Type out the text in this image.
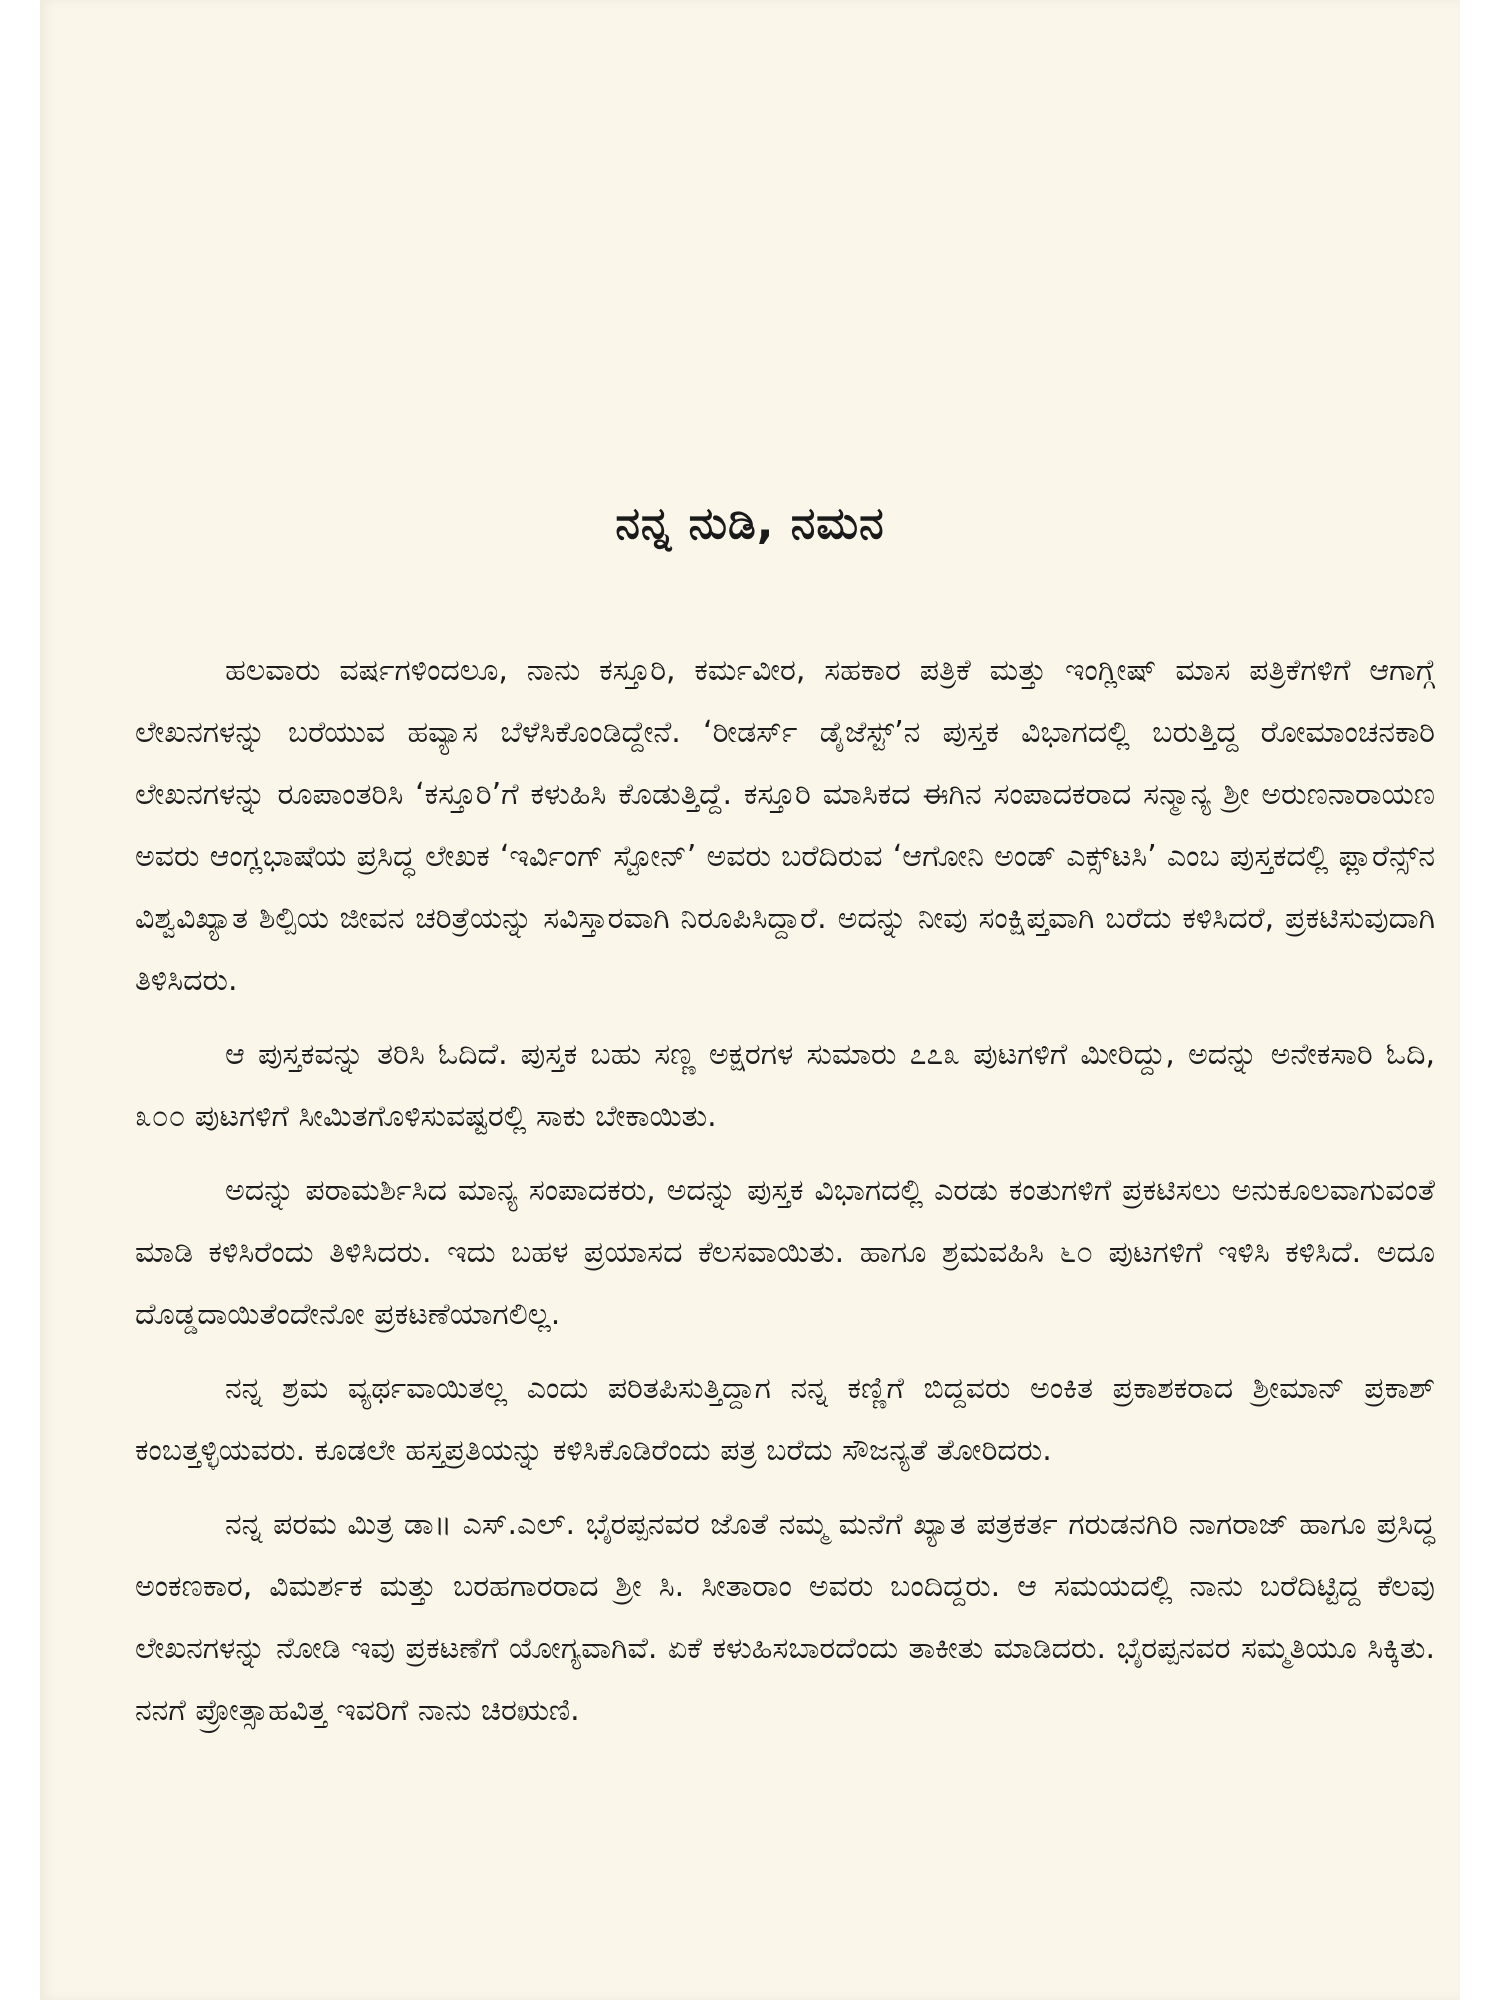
ನನ್ನ ನುಡಿ, ನಮನ

ಹಲವಾರು ವರ್ಷಗಳಿಂದಲೂ, ನಾನು ಕಸ್ತೂರಿ, ಕರ್ಮವೀರ, ಸಹಕಾರ ಪತ್ರಿಕೆ ಮತ್ತು ಇಂಗ್ಲೀಷ್ ಮಾಸ ಪತ್ರಿಕೆಗಳಿಗೆ ಆಗಾಗ್ಗೆ ಲೇಖನಗಳನ್ನು ಬರೆಯುವ ಹವ್ಯಾಸ ಬೆಳೆಸಿಕೊಂಡಿದ್ದೇನೆ. ‘ರೀಡರ್ಸ್ ಡೈಜೆಸ್ಟ್’ನ ಪುಸ್ತಕ ವಿಭಾಗದಲ್ಲಿ ಬರುತ್ತಿದ್ದ ರೋಮಾಂಚನಕಾರಿ ಲೇಖನಗಳನ್ನು ರೂಪಾಂತರಿಸಿ ‘ಕಸ್ತೂರಿ’ಗೆ ಕಳುಹಿಸಿ ಕೊಡುತ್ತಿದ್ದೆ. ಕಸ್ತೂರಿ ಮಾಸಿಕದ ಈಗಿನ ಸಂಪಾದಕರಾದ ಸನ್ಮಾನ್ಯ ಶ್ರೀ ಅರುಣನಾರಾಯಣ ಅವರು ಆಂಗ್ಲಭಾಷೆಯ ಪ್ರಸಿದ್ಧ ಲೇಖಕ ‘ಇರ್ವಿಂಗ್ ಸ್ಟೋನ್’ ಅವರು ಬರೆದಿರುವ ‘ಆಗೋನಿ ಅಂಡ್ ಎಕ್ಸ್‌ಟಸಿ’ ಎಂಬ ಪುಸ್ತಕದಲ್ಲಿ ಫ್ಲಾರೆನ್ಸ್‌ನ ವಿಶ್ವವಿಖ್ಯಾತ ಶಿಲ್ಪಿಯ ಜೀವನ ಚರಿತ್ರೆಯನ್ನು ಸವಿಸ್ತಾರವಾಗಿ ನಿರೂಪಿಸಿದ್ದಾರೆ. ಅದನ್ನು ನೀವು ಸಂಕ್ಷಿಪ್ತವಾಗಿ ಬರೆದು ಕಳಿಸಿದರೆ, ಪ್ರಕಟಿಸುವುದಾಗಿ ತಿಳಿಸಿದರು.

ಆ ಪುಸ್ತಕವನ್ನು ತರಿಸಿ ಓದಿದೆ. ಪುಸ್ತಕ ಬಹು ಸಣ್ಣ ಅಕ್ಷರಗಳ ಸುಮಾರು ೭೭೩ ಪುಟಗಳಿಗೆ ಮೀರಿದ್ದು, ಅದನ್ನು ಅನೇಕಸಾರಿ ಓದಿ, ೩೦೦ ಪುಟಗಳಿಗೆ ಸೀಮಿತಗೊಳಿಸುವಷ್ಟರಲ್ಲಿ ಸಾಕು ಬೇಕಾಯಿತು.

ಅದನ್ನು ಪರಾಮರ್ಶಿಸಿದ ಮಾನ್ಯ ಸಂಪಾದಕರು, ಅದನ್ನು ಪುಸ್ತಕ ವಿಭಾಗದಲ್ಲಿ ಎರಡು ಕಂತುಗಳಿಗೆ ಪ್ರಕಟಿಸಲು ಅನುಕೂಲವಾಗುವಂತೆ ಮಾಡಿ ಕಳಿಸಿರೆಂದು ತಿಳಿಸಿದರು. ಇದು ಬಹಳ ಪ್ರಯಾಸದ ಕೆಲಸವಾಯಿತು. ಹಾಗೂ ಶ್ರಮವಹಿಸಿ ೬೦ ಪುಟಗಳಿಗೆ ಇಳಿಸಿ ಕಳಿಸಿದೆ. ಅದೂ ದೊಡ್ಡದಾಯಿತೆಂದೇನೋ ಪ್ರಕಟಣೆಯಾಗಲಿಲ್ಲ.

ನನ್ನ ಶ್ರಮ ವ್ಯರ್ಥವಾಯಿತಲ್ಲ ಎಂದು ಪರಿತಪಿಸುತ್ತಿದ್ದಾಗ ನನ್ನ ಕಣ್ಣಿಗೆ ಬಿದ್ದವರು ಅಂಕಿತ ಪ್ರಕಾಶಕರಾದ ಶ್ರೀಮಾನ್ ಪ್ರಕಾಶ್ ಕಂಬತ್ತಳ್ಳಿಯವರು. ಕೂಡಲೇ ಹಸ್ತಪ್ರತಿಯನ್ನು ಕಳಿಸಿಕೊಡಿರೆಂದು ಪತ್ರ ಬರೆದು ಸೌಜನ್ಯತೆ ತೋರಿದರು.

ನನ್ನ ಪರಮ ಮಿತ್ರ ಡಾ॥ ಎಸ್.ಎಲ್. ಭೈರಪ್ಪನವರ ಜೊತೆ ನಮ್ಮ ಮನೆಗೆ ಖ್ಯಾತ ಪತ್ರಕರ್ತ ಗರುಡನಗಿರಿ ನಾಗರಾಜ್ ಹಾಗೂ ಪ್ರಸಿದ್ಧ ಅಂಕಣಕಾರ, ವಿಮರ್ಶಕ ಮತ್ತು ಬರಹಗಾರರಾದ ಶ್ರೀ ಸಿ. ಸೀತಾರಾಂ ಅವರು ಬಂದಿದ್ದರು. ಆ ಸಮಯದಲ್ಲಿ ನಾನು ಬರೆದಿಟ್ಟಿದ್ದ ಕೆಲವು ಲೇಖನಗಳನ್ನು ನೋಡಿ ಇವು ಪ್ರಕಟಣೆಗೆ ಯೋಗ್ಯವಾಗಿವೆ. ಏಕೆ ಕಳುಹಿಸಬಾರದೆಂದು ತಾಕೀತು ಮಾಡಿದರು. ಭೈರಪ್ಪನವರ ಸಮ್ಮತಿಯೂ ಸಿಕ್ಕಿತು. ನನಗೆ ಪ್ರೋತ್ಸಾಹವಿತ್ತ ಇವರಿಗೆ ನಾನು ಚಿರಋಣಿ.
